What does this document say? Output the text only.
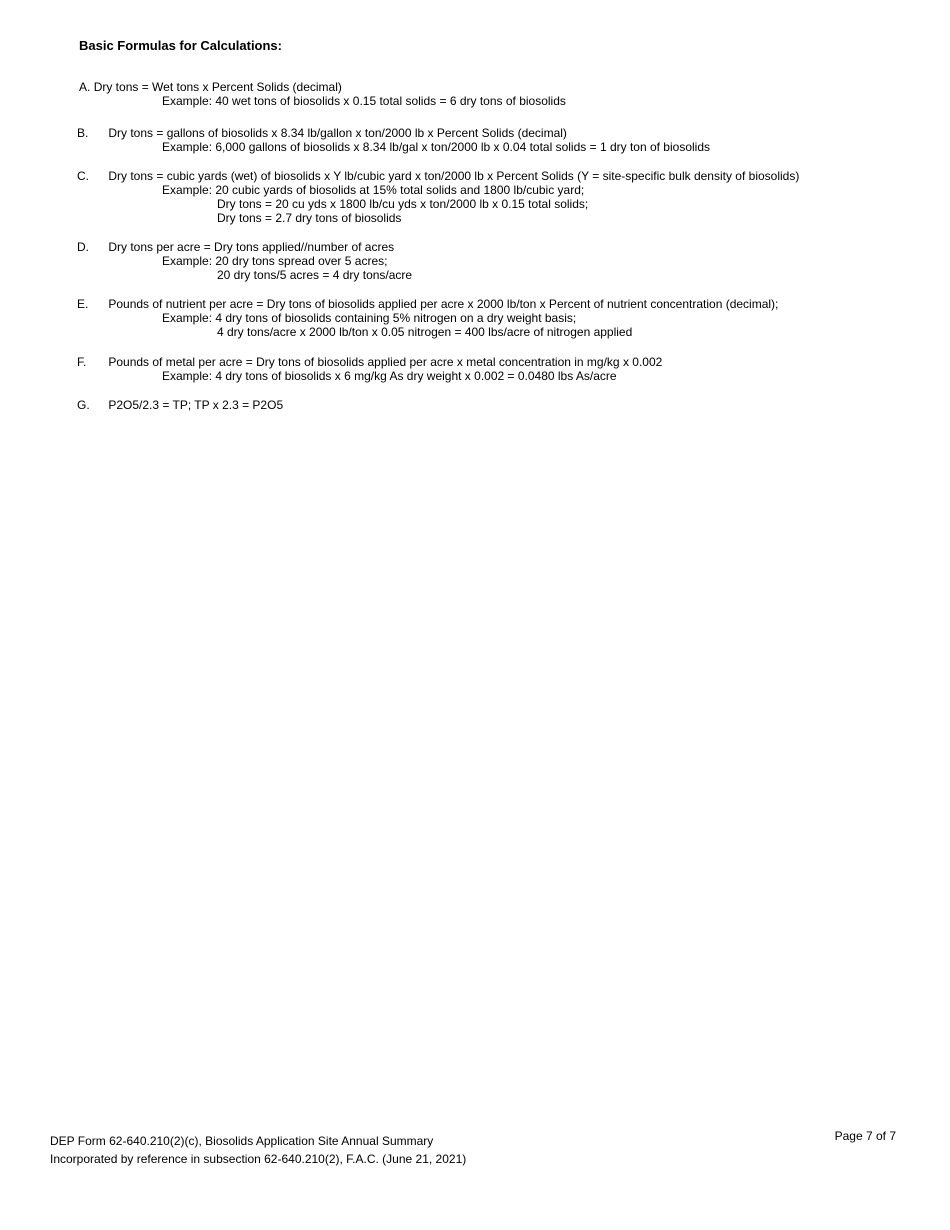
Basic Formulas for Calculations:
A. Dry tons = Wet tons x Percent Solids (decimal)
Example: 40 wet tons of biosolids x 0.15 total solids = 6 dry tons of biosolids
B. Dry tons = gallons of biosolids x 8.34 lb/gallon x ton/2000 lb x Percent Solids (decimal)
Example: 6,000 gallons of biosolids x 8.34 lb/gal x ton/2000 lb x 0.04 total solids = 1 dry ton of biosolids
C. Dry tons = cubic yards (wet) of biosolids x Y lb/cubic yard x ton/2000 lb x Percent Solids (Y = site-specific bulk density of biosolids)
Example: 20 cubic yards of biosolids at 15% total solids and 1800 lb/cubic yard;
Dry tons = 20 cu yds x 1800 lb/cu yds x ton/2000 lb x 0.15 total solids;
Dry tons = 2.7 dry tons of biosolids
D. Dry tons per acre = Dry tons applied//number of acres
Example: 20 dry tons spread over 5 acres;
20 dry tons/5 acres = 4 dry tons/acre
E. Pounds of nutrient per acre = Dry tons of biosolids applied per acre x 2000 lb/ton x Percent of nutrient concentration (decimal);
Example: 4 dry tons of biosolids containing 5% nitrogen on a dry weight basis;
4 dry tons/acre x 2000 lb/ton x 0.05 nitrogen = 400 lbs/acre of nitrogen applied
F. Pounds of metal per acre = Dry tons of biosolids applied per acre x metal concentration in mg/kg x 0.002
Example: 4 dry tons of biosolids x 6 mg/kg As dry weight x 0.002 = 0.0480 lbs As/acre
G. P2O5/2.3 = TP; TP x 2.3 = P2O5
DEP Form 62-640.210(2)(c), Biosolids Application Site Annual Summary
Incorporated by reference in subsection 62-640.210(2), F.A.C. (June 21, 2021)
Page 7 of 7
